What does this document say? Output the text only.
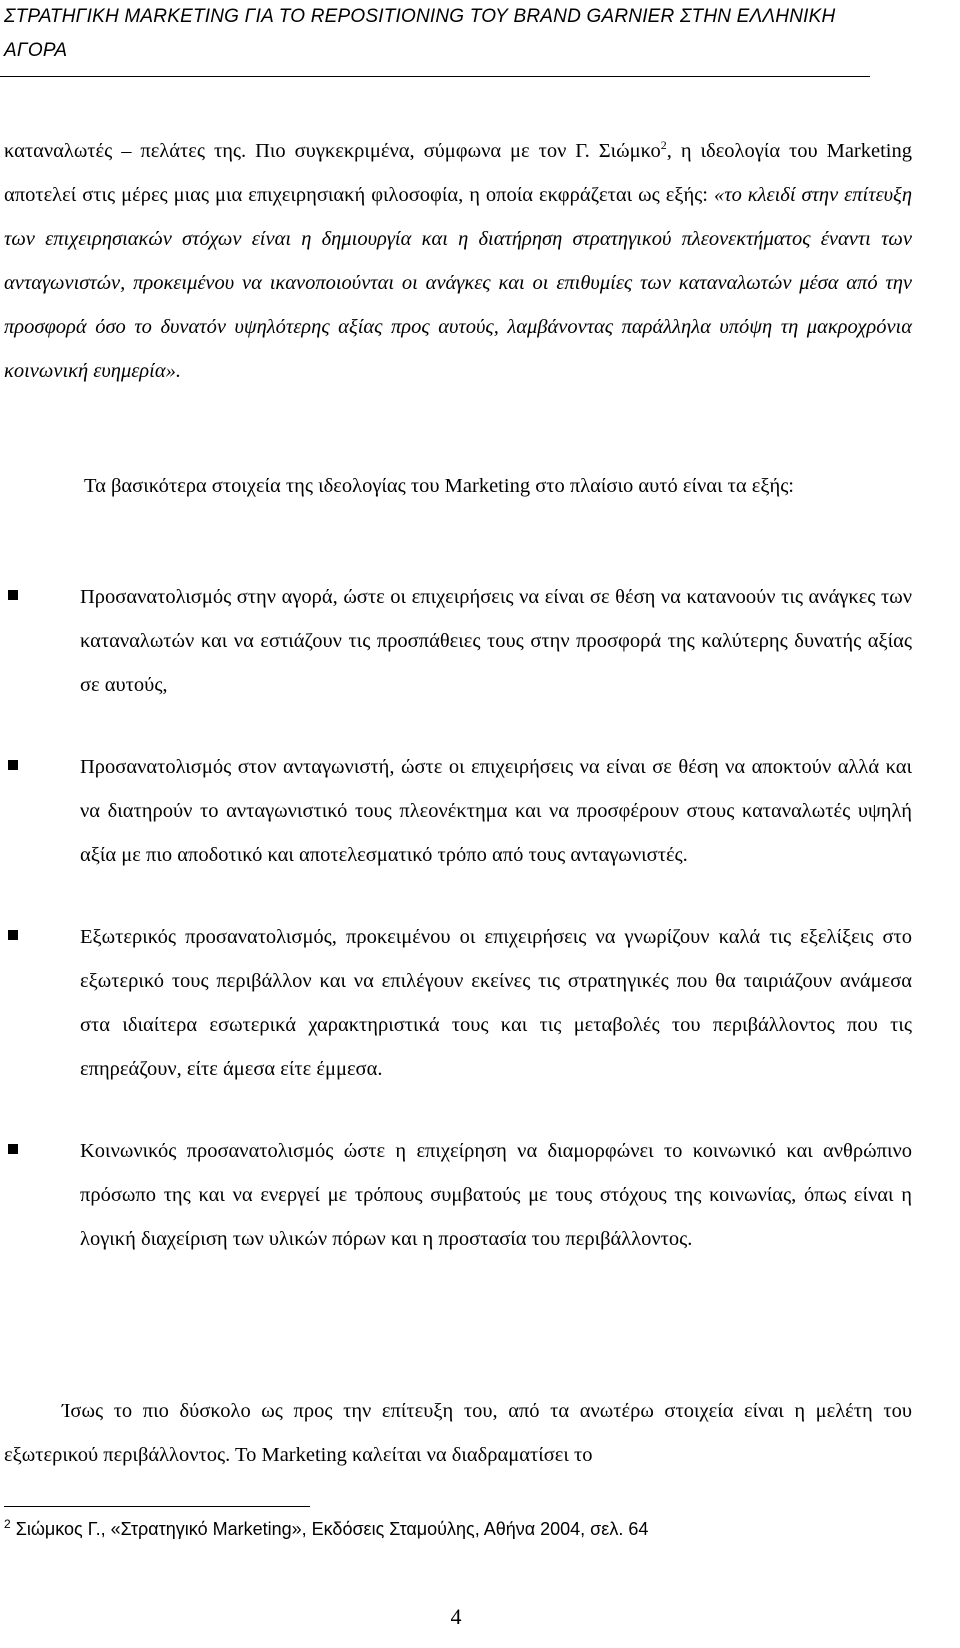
ΣΤΡΑΤΗΓΙΚΗ MARKETING ΓΙΑ ΤΟ REPOSITIONING ΤΟΥ BRAND GARNIER ΣΤΗΝ ΕΛΛΗΝΙΚΗ ΑΓΟΡΑ

καταναλωτές – πελάτες της. Πιο συγκεκριμένα, σύμφωνα με τον Γ. Σιώμκο$^2$, η ιδεολογία του Marketing αποτελεί στις μέρες μιας μια επιχειρησιακή φιλοσοφία, η οποία εκφράζεται ως εξής: «το κλειδί στην επίτευξη των επιχειρησιακών στόχων είναι η δημιουργία και η διατήρηση στρατηγικού πλεονεκτήματος έναντι των ανταγωνιστών, προκειμένου να ικανοποιούνται οι ανάγκες και οι επιθυμίες των καταναλωτών μέσα από την προσφορά όσο το δυνατόν υψηλότερης αξίας προς αυτούς, λαμβάνοντας παράλληλα υπόψη τη μακροχρόνια κοινωνική ευημερία».

Τα βασικότερα στοιχεία της ιδεολογίας του Marketing στο πλαίσιο αυτό είναι τα εξής:

Προσανατολισμός στην αγορά, ώστε οι επιχειρήσεις να είναι σε θέση να κατανοούν τις ανάγκες των καταναλωτών και να εστιάζουν τις προσπάθειες τους στην προσφορά της καλύτερης δυνατής αξίας σε αυτούς,
Προσανατολισμός στον ανταγωνιστή, ώστε οι επιχειρήσεις να είναι σε θέση να αποκτούν αλλά και να διατηρούν το ανταγωνιστικό τους πλεονέκτημα και να προσφέρουν στους καταναλωτές υψηλή αξία με πιο αποδοτικό και αποτελεσματικό τρόπο από τους ανταγωνιστές.
Εξωτερικός προσανατολισμός, προκειμένου οι επιχειρήσεις να γνωρίζουν καλά τις εξελίξεις στο εξωτερικό τους περιβάλλον και να επιλέγουν εκείνες τις στρατηγικές που θα ταιριάζουν ανάμεσα στα ιδιαίτερα εσωτερικά χαρακτηριστικά τους και τις μεταβολές του περιβάλλοντος που τις επηρεάζουν, είτε άμεσα είτε έμμεσα.
Κοινωνικός προσανατολισμός ώστε η επιχείρηση να διαμορφώνει το κοινωνικό και ανθρώπινο πρόσωπο της και να ενεργεί με τρόπους συμβατούς με τους στόχους της κοινωνίας, όπως είναι η λογική διαχείριση των υλικών πόρων και η προστασία του περιβάλλοντος.

Ίσως το πιο δύσκολο ως προς την επίτευξη του, από τα ανωτέρω στοιχεία είναι η μελέτη του εξωτερικού περιβάλλοντος. Το Marketing καλείται να διαδραματίσει το

$^2$ Σιώμκος Γ., «Στρατηγικό Marketing», Εκδόσεις Σταμούλης, Αθήνα 2004, σελ. 64
4
